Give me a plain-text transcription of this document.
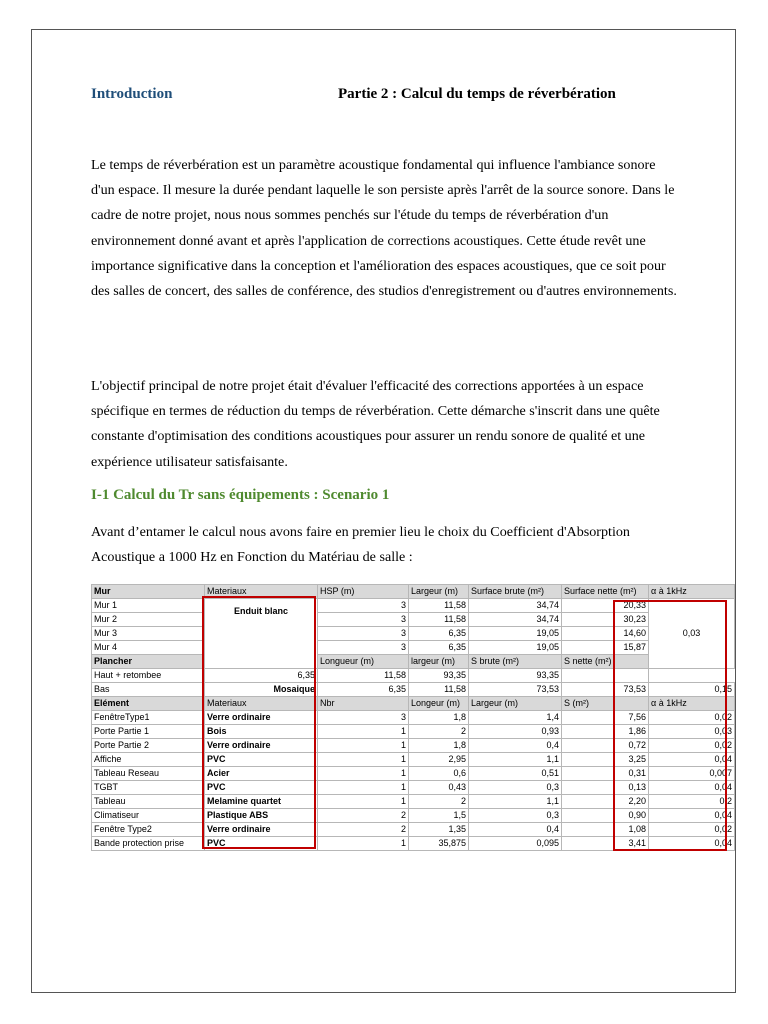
Introduction	Partie 2 : Calcul du temps de réverbération

Le temps de réverbération est un paramètre acoustique fondamental qui influence l'ambiance sonore d'un espace. Il mesure la durée pendant laquelle le son persiste après l'arrêt de la source sonore. Dans le cadre de notre projet, nous nous sommes penchés sur l'étude du temps de réverbération d'un environnement donné avant et après l'application de corrections acoustiques. Cette étude revêt une importance significative dans la conception et l'amélioration des espaces acoustiques, que ce soit pour des salles de concert, des salles de conférence, des studios d'enregistrement ou d'autres environnements.

L'objectif principal de notre projet était d'évaluer l'efficacité des corrections apportées à un espace spécifique en termes de réduction du temps de réverbération. Cette démarche s'inscrit dans une quête constante d'optimisation des conditions acoustiques pour assurer un rendu sonore de qualité et une expérience utilisateur satisfaisante.

I-1 Calcul du Tr sans équipements : Scenario 1

Avant d’entamer le calcul nous avons faire en premier lieu le choix du Coefficient d'Absorption Acoustique a 1000 Hz en Fonction du Matériau de salle :

Mur	Materiaux	HSP (m)	Largeur (m)	Surface brute (m²)	Surface nette (m²)	α à 1kHz
Mur 1	Enduit blanc	3	11,58	34,74	20,33	0,03
Mur 2		3	11,58	34,74	30,23	
Mur 3		3	6,35	19,05	14,60	
Mur 4		3	6,35	19,05	15,87	
Plancher		Longueur (m)	largeur (m)	S brute (m²)	S nette (m²)	
Haut + retombee	6,35	11,58	93,35	93,35		
Bas	Mosaique	6,35	11,58	73,53	73,53	0,15
Elément	Materiaux	Nbr	Longeur (m)	Largeur (m)	S (m²)	α à 1kHz
FenêtreType1	Verre ordinaire	3	1,8	1,4	7,56	0,02
Porte Partie 1	Bois	1	2	0,93	1,86	0,03
Porte Partie 2	Verre ordinaire	1	1,8	0,4	0,72	0,02
Affiche	PVC	1	2,95	1,1	3,25	0,04
Tableau Reseau	Acier	1	0,6	0,51	0,31	0,007
TGBT	PVC	1	0,43	0,3	0,13	0,04
Tableau	Melamine quartet	1	2	1,1	2,20	0,2
Climatiseur	Plastique ABS	2	1,5	0,3	0,90	0,04
Fenêtre Type2	Verre ordinaire	2	1,35	0,4	1,08	0,02
Bande protection prise	PVC	1	35,875	0,095	3,41	0,04
